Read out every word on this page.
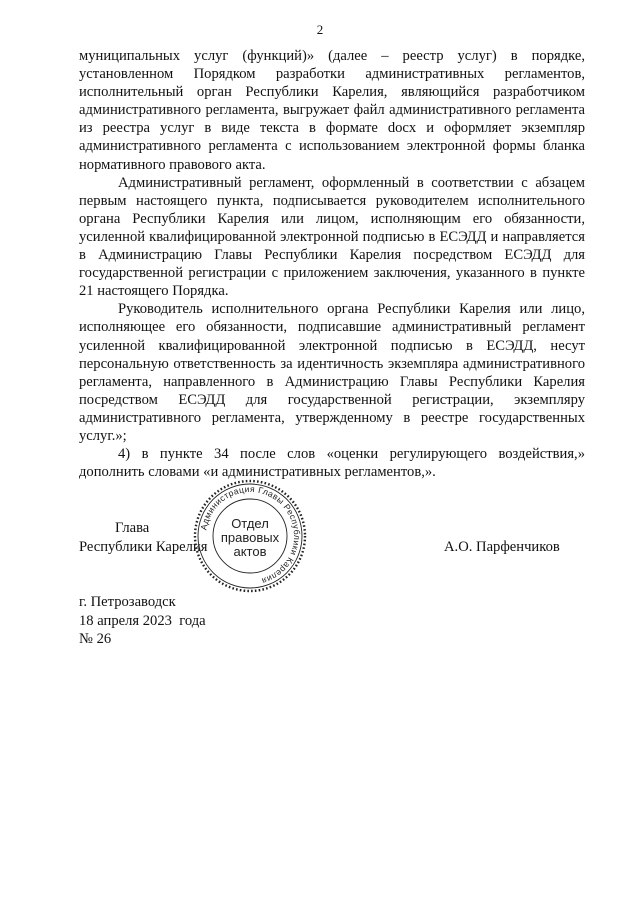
2

муниципальных услуг (функций)» (далее – реестр услуг) в порядке, установленном Порядком разработки административных регламентов, исполнительный орган Республики Карелия, являющийся разработчиком административного регламента, выгружает файл административного регламента из реестра услуг в виде текста в формате docx и оформляет экземпляр административного регламента с использованием электронной формы бланка нормативного правового акта.

Административный регламент, оформленный в соответствии с абзацем первым настоящего пункта, подписывается руководителем исполнительного органа Республики Карелия или лицом, исполняющим его обязанности, усиленной квалифицированной электронной подписью в ЕСЭДД и направляется в Администрацию Главы Республики Карелия посредством ЕСЭДД для государственной регистрации с приложением заключения, указанного в пункте 21 настоящего Порядка.

Руководитель исполнительного органа Республики Карелия или лицо, исполняющее его обязанности, подписавшие административный регламент усиленной квалифицированной электронной подписью в ЕСЭДД, несут персональную ответственность за идентичность экземпляра административного регламента, направленного в Администрацию Главы Республики Карелия посредством ЕСЭДД для государственной регистрации, экземпляру административного регламента, утвержденному в реестре государственных услуг.»;

4) в пункте 34 после слов «оценки регулирующего воздействия,» дополнить словами «и административных регламентов,».

Глава
Республики Карелия	А.О. Парфенчиков
Администрация Главы Республики Карелия
Отдел
правовых
актов
г. Петрозаводск
18 апреля 2023  года
№ 26
